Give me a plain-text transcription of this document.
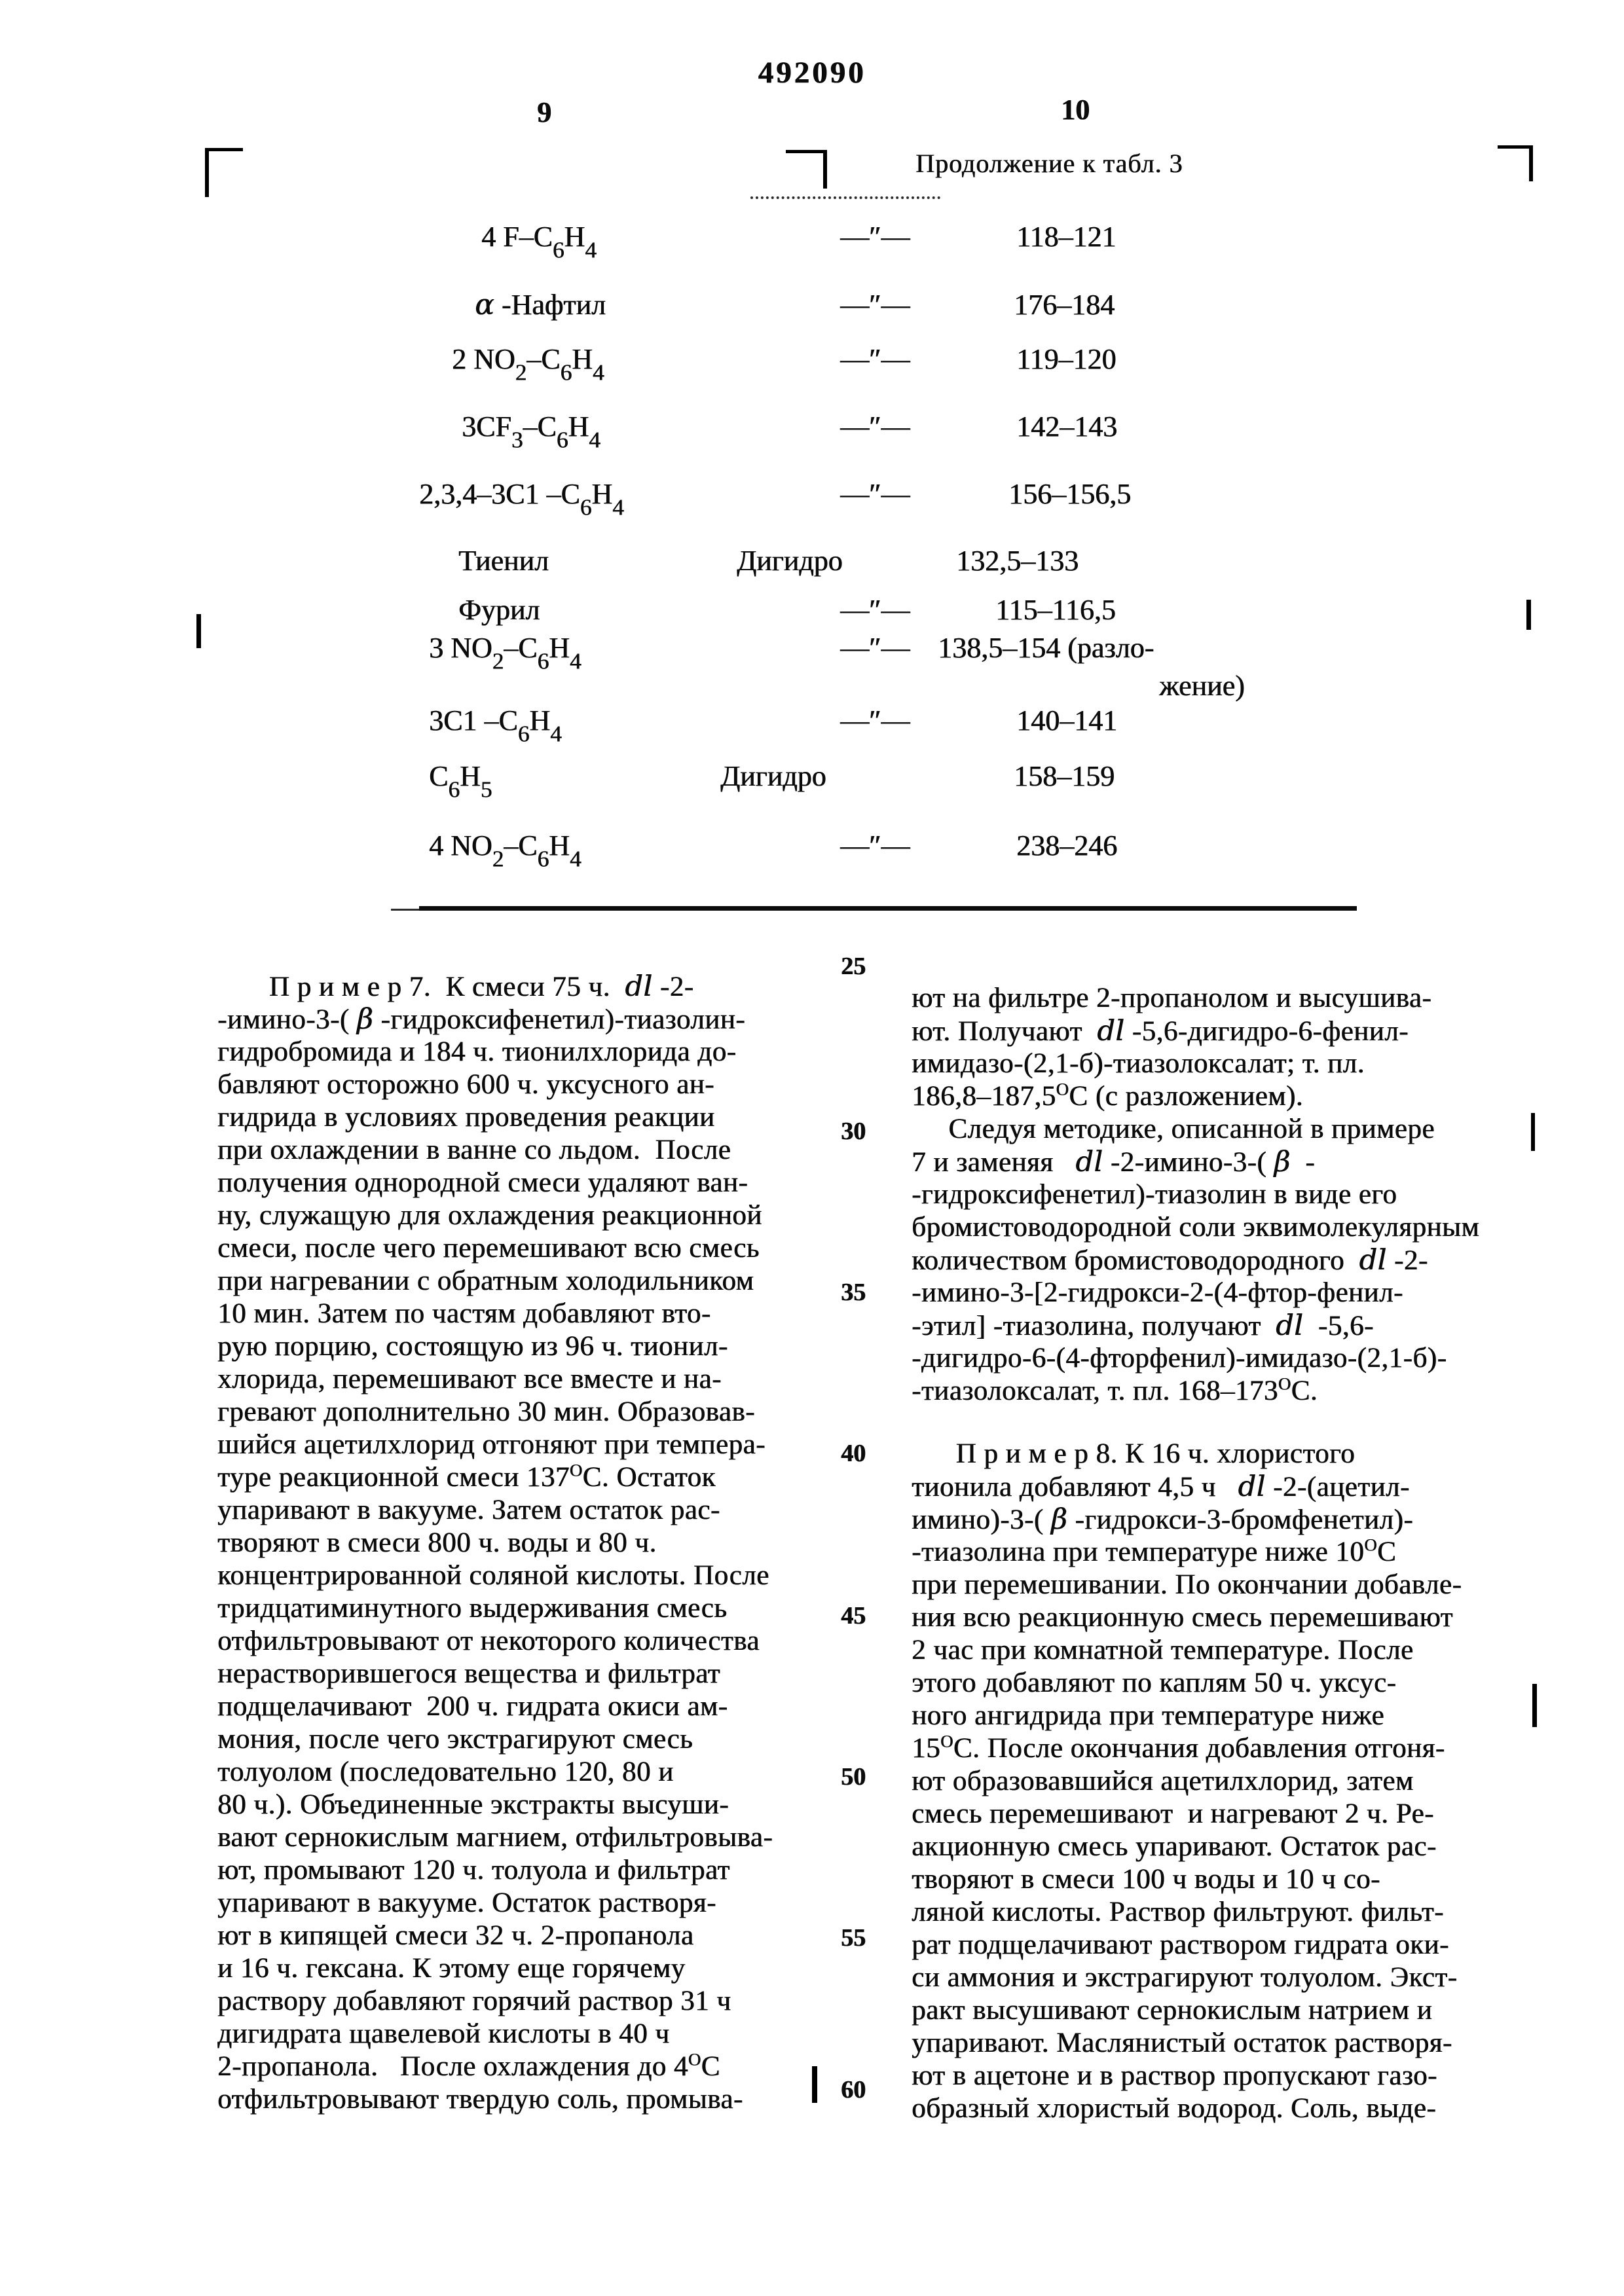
492090
9	10
Продолжение к табл. 3
4 $F-C_6H_4$	—″—	118–121
α -Нафтил	—″—	176–184
2 $NO_2-C_6H_4$	—″—	119–120
$3CF_3-C_6H_4$	—″—	142–143
2,3,4–3C1 $-C_6H_4$	—″—	156–156,5
Тиенил	Дигидро	132,5–133
Фурил	—″—	115–116,5
3 $NO_2-C_6H_4$	—″— 138,5–154 (разло-
жение)
3C1 $-C_6H_4$	—″—	140–141
$C_6H_5$	Дигидро	158–159
4 $NO_2-C_6H_4$	—″—	238–246
П р и м е р 7.  К смеси 75 ч.  dl -2-
-имино-3-( β -гидроксифенетил)-тиазолин-
гидробромида и 184 ч. тионилхлорида до-
бавляют осторожно 600 ч. уксусного ан-
гидрида в условиях проведения реакции
при охлаждении в ванне со льдом.  После
получения однородной смеси удаляют ван-
ну, служащую для охлаждения реакционной
смеси, после чего перемешивают всю смесь
при нагревании с обратным холодильником
10 мин. Затем по частям добавляют вто-
рую порцию, состоящую из 96 ч. тионил-
хлорида, перемешивают все вместе и на-
гревают дополнительно 30 мин. Образовав-
шийся ацетилхлорид отгоняют при темпера-
туре реакционной смеси $137^ОС$. Остаток
упаривают в вакууме. Затем остаток рас-
творяют в смеси 800 ч. воды и 80 ч.
концентрированной соляной кислоты. После
тридцатиминутного выдерживания смесь
отфильтровывают от некоторого количества
нерастворившегося вещества и фильтрат
подщелачивают  200 ч. гидрата окиси ам-
мония, после чего экстрагируют смесь
толуолом (последовательно 120, 80 и
80 ч.). Объединенные экстракты высуши-
вают сернокислым магнием, отфильтровыва-
ют, промывают 120 ч. толуола и фильтрат
упаривают в вакууме. Остаток растворя-
ют в кипящей смеси 32 ч. 2-пропанола
и 16 ч. гексана. К этому еще горячему
раствору добавляют горячий раствор 31 ч
дигидрата щавелевой кислоты в 40 ч
2-пропанола.   После охлаждения до $4^ОС$
отфильтровывают твердую соль, промыва-
ют на фильтре 2-пропанолом и высушива-
ют. Получают  dl -5,6-дигидро-6-фенил-
имидазо-(2,1-б)-тиазолоксалат; т. пл.
$186,8-187,5^ОС$ (с разложением).
Следуя методике, описанной в примере
7 и заменяя   dl -2-имино-3-( β  -
-гидроксифенетил)-тиазолин в виде его
бромистоводородной соли эквимолекулярным
количеством бромистоводородного  dl -2-
-имино-3-[2-гидрокси-2-(4-фтор-фенил-
-этил] -тиазолина, получают  dl  -5,6-
-дигидро-6-(4-фторфенил)-имидазо-(2,1-б)-
-тиазолоксалат, т. пл. $168-173^ОС$.
П р и м е р 8. К 16 ч. хлористого
тионила добавляют 4,5 ч   dl -2-(ацетил-
имино)-3-( β -гидрокси-3-бромфенетил)-
-тиазолина при температуре ниже $10^ОС$
при перемешивании. По окончании добавле-
ния всю реакционную смесь перемешивают
2 час при комнатной температуре. После
этого добавляют по каплям 50 ч. уксус-
ного ангидрида при температуре ниже
$15^ОС$. После окончания добавления отгоня-
ют образовавшийся ацетилхлорид, затем
смесь перемешивают  и нагревают 2 ч. Ре-
акционную смесь упаривают. Остаток рас-
творяют в смеси 100 ч воды и 10 ч со-
ляной кислоты. Раствор фильтруют. фильт-
рат подщелачивают раствором гидрата оки-
си аммония и экстрагируют толуолом. Экст-
ракт высушивают сернокислым натрием и
упаривают. Маслянистый остаток растворя-
ют в ацетоне и в раствор пропускают газо-
образный хлористый водород. Соль, выде-
25
30
35
40
45
50
55
60
